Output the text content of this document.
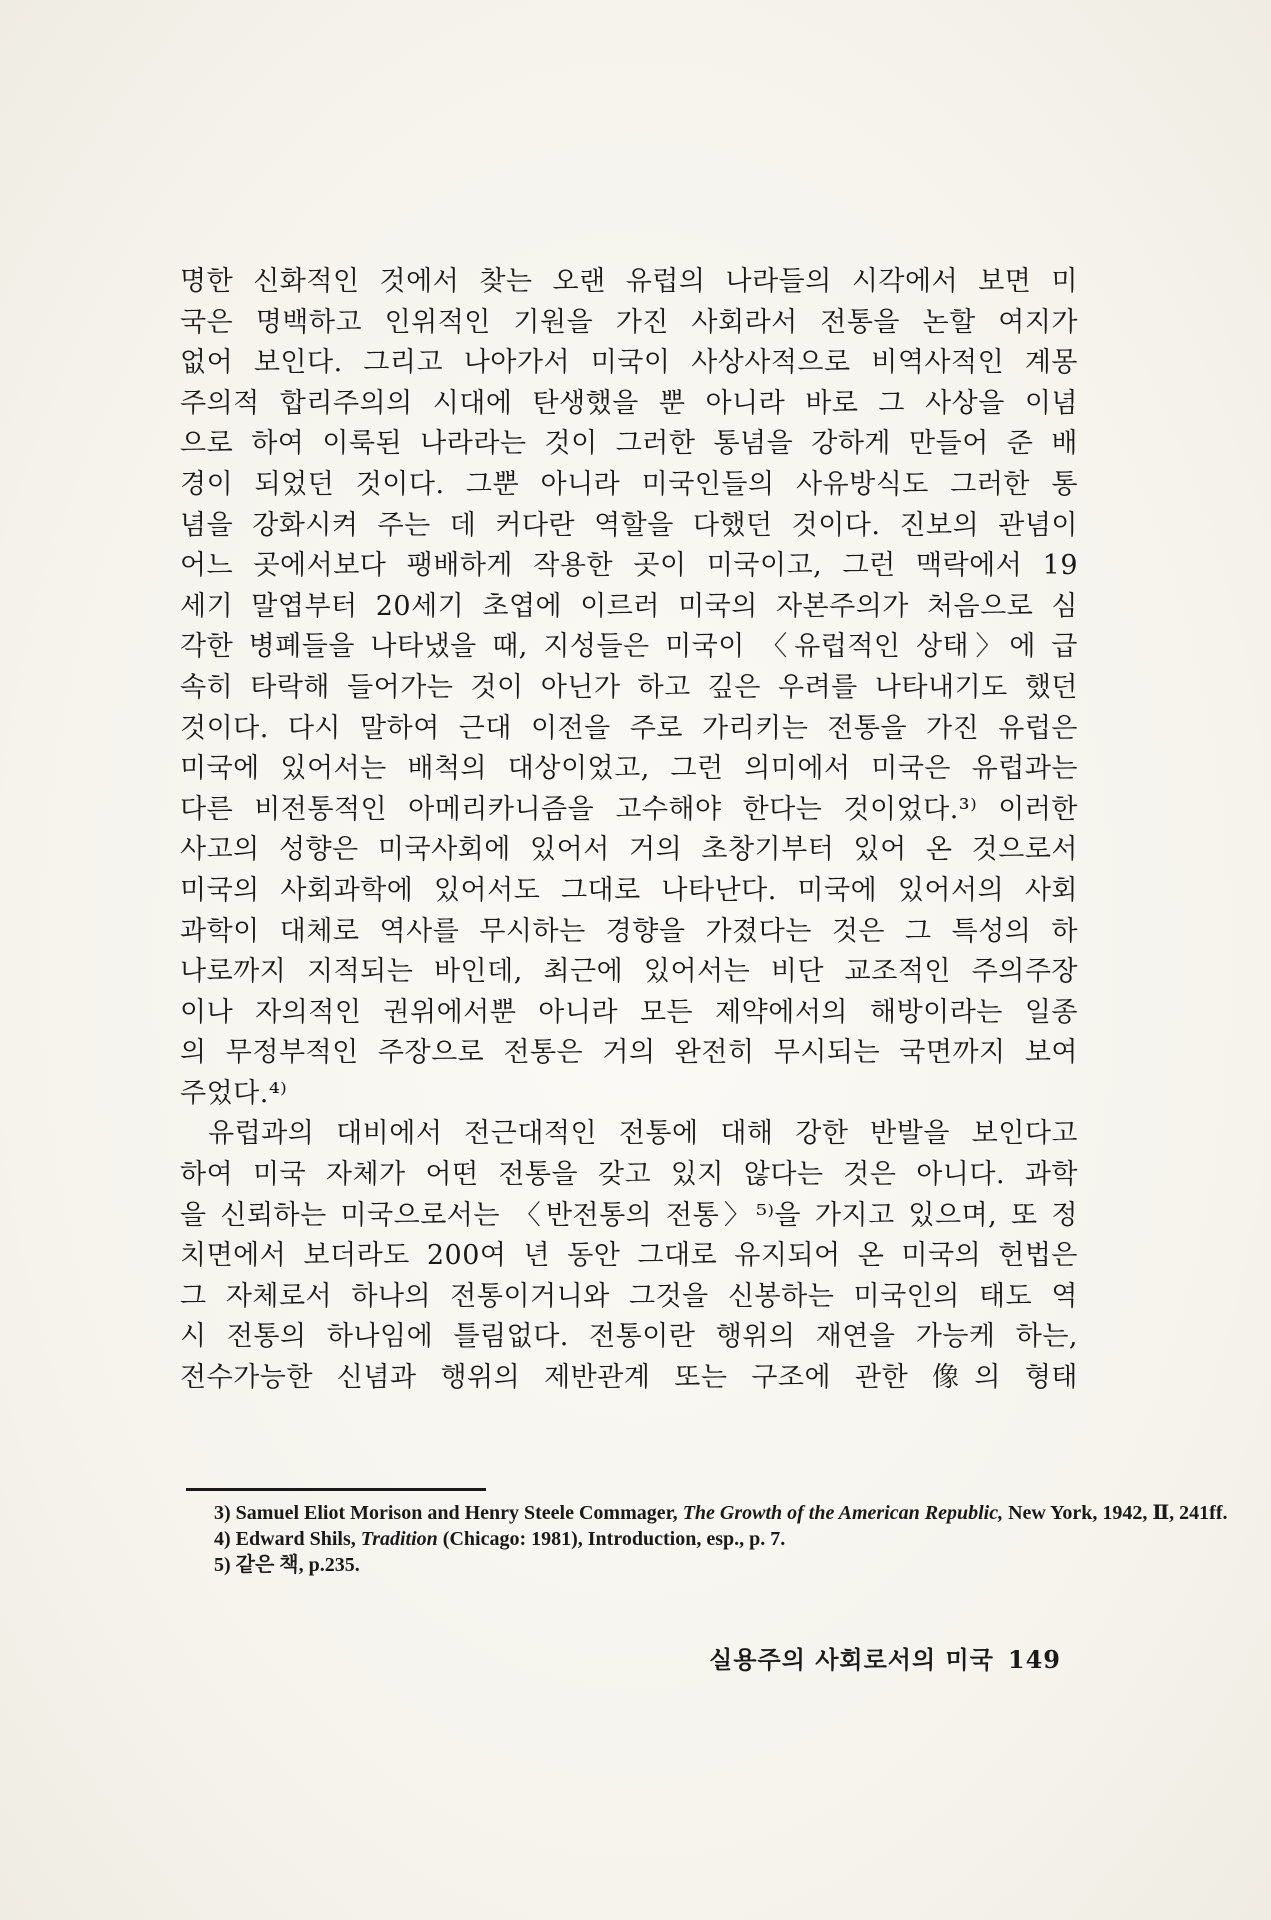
명한 신화적인 것에서 찾는 오랜 유럽의 나라들의 시각에서 보면 미
국은 명백하고 인위적인 기원을 가진 사회라서 전통을 논할 여지가
없어 보인다. 그리고 나아가서 미국이 사상사적으로 비역사적인 계몽
주의적 합리주의의 시대에 탄생했을 뿐 아니라 바로 그 사상을 이념
으로 하여 이룩된 나라라는 것이 그러한 통념을 강하게 만들어 준 배
경이 되었던 것이다. 그뿐 아니라 미국인들의 사유방식도 그러한 통
념을 강화시켜 주는 데 커다란 역할을 다했던 것이다. 진보의 관념이
어느 곳에서보다 팽배하게 작용한 곳이 미국이고, 그런 맥락에서 19
세기 말엽부터 20세기 초엽에 이르러 미국의 자본주의가 처음으로 심
각한 병폐들을 나타냈을 때, 지성들은 미국이 〈유럽적인 상태〉에 급
속히 타락해 들어가는 것이 아닌가 하고 깊은 우려를 나타내기도 했던
것이다. 다시 말하여 근대 이전을 주로 가리키는 전통을 가진 유럽은
미국에 있어서는 배척의 대상이었고, 그런 의미에서 미국은 유럽과는
다른 비전통적인 아메리카니즘을 고수해야 한다는 것이었다.³⁾ 이러한
사고의 성향은 미국사회에 있어서 거의 초창기부터 있어 온 것으로서
미국의 사회과학에 있어서도 그대로 나타난다. 미국에 있어서의 사회
과학이 대체로 역사를 무시하는 경향을 가졌다는 것은 그 특성의 하
나로까지 지적되는 바인데, 최근에 있어서는 비단 교조적인 주의주장
이나 자의적인 권위에서뿐 아니라 모든 제약에서의 해방이라는 일종
의 무정부적인 주장으로 전통은 거의 완전히 무시되는 국면까지 보여
주었다.⁴⁾
유럽과의 대비에서 전근대적인 전통에 대해 강한 반발을 보인다고
하여 미국 자체가 어떤 전통을 갖고 있지 않다는 것은 아니다. 과학
을 신뢰하는 미국으로서는 〈반전통의 전통〉⁵⁾을 가지고 있으며, 또 정
치면에서 보더라도 200여 년 동안 그대로 유지되어 온 미국의 헌법은
그 자체로서 하나의 전통이거니와 그것을 신봉하는 미국인의 태도 역
시 전통의 하나임에 틀림없다. 전통이란 행위의 재연을 가능케 하는,
전수가능한 신념과 행위의 제반관계 또는 구조에 관한 像의 형태
3) Samuel Eliot Morison and Henry Steele Commager, The Growth of the American Republic, New York, 1942, Ⅱ, 241ff.
4) Edward Shils, Tradition (Chicago: 1981), Introduction, esp., p. 7.
5) 같은 책, p.235.
실용주의 사회로서의 미국 149
